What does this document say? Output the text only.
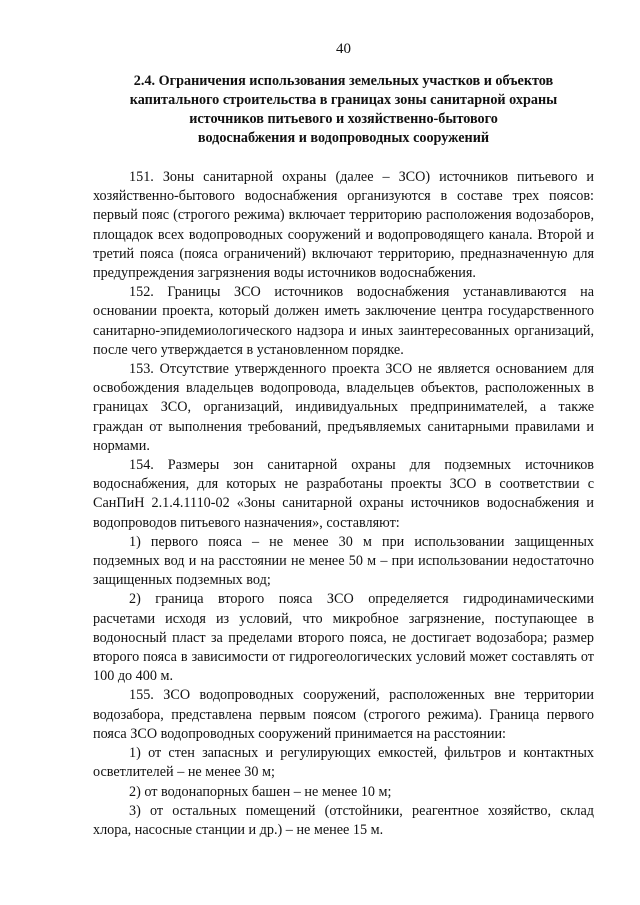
40
2.4. Ограничения использования земельных участков и объектов
капитального строительства в границах зоны санитарной охраны
источников питьевого и хозяйственно-бытового
водоснабжения и водопроводных сооружений

151. Зоны санитарной охраны (далее – ЗСО) источников питьевого и хозяйственно-бытового водоснабжения организуются в составе трех поясов: первый пояс (строгого режима) включает территорию расположения водозаборов, площадок всех водопроводных сооружений и водопроводящего канала. Второй и третий пояса (пояса ограничений) включают территорию, предназначенную для предупреждения загрязнения воды источников водоснабжения.

152. Границы ЗСО источников водоснабжения устанавливаются на основании проекта, который должен иметь заключение центра государственного санитарно-эпидемиологического надзора и иных заинтересованных организаций, после чего утверждается в установленном порядке.

153. Отсутствие утвержденного проекта ЗСО не является основанием для освобождения владельцев водопровода, владельцев объектов, расположенных в границах ЗСО, организаций, индивидуальных предпринимателей, а также граждан от выполнения требований, предъявляемых санитарными правилами и нормами.

154. Размеры зон санитарной охраны для подземных источников водоснабжения, для которых не разработаны проекты ЗСО в соответствии с СанПиН 2.1.4.1110-02 «Зоны санитарной охраны источников водоснабжения и водопроводов питьевого назначения», составляют:

1) первого пояса – не менее 30 м при использовании защищенных подземных вод и на расстоянии не менее 50 м – при использовании недостаточно защищенных подземных вод;

2) граница второго пояса ЗСО определяется гидродинамическими расчетами исходя из условий, что микробное загрязнение, поступающее в водоносный пласт за пределами второго пояса, не достигает водозабора; размер второго пояса в зависимости от гидрогеологических условий может составлять от 100 до 400 м.

155. ЗСО водопроводных сооружений, расположенных вне территории водозабора, представлена первым поясом (строгого режима). Граница первого пояса ЗСО водопроводных сооружений принимается на расстоянии:

1) от стен запасных и регулирующих емкостей, фильтров и контактных осветлителей – не менее 30 м;

2) от водонапорных башен – не менее 10 м;

3) от остальных помещений (отстойники, реагентное хозяйство, склад хлора, насосные станции и др.) – не менее 15 м.
